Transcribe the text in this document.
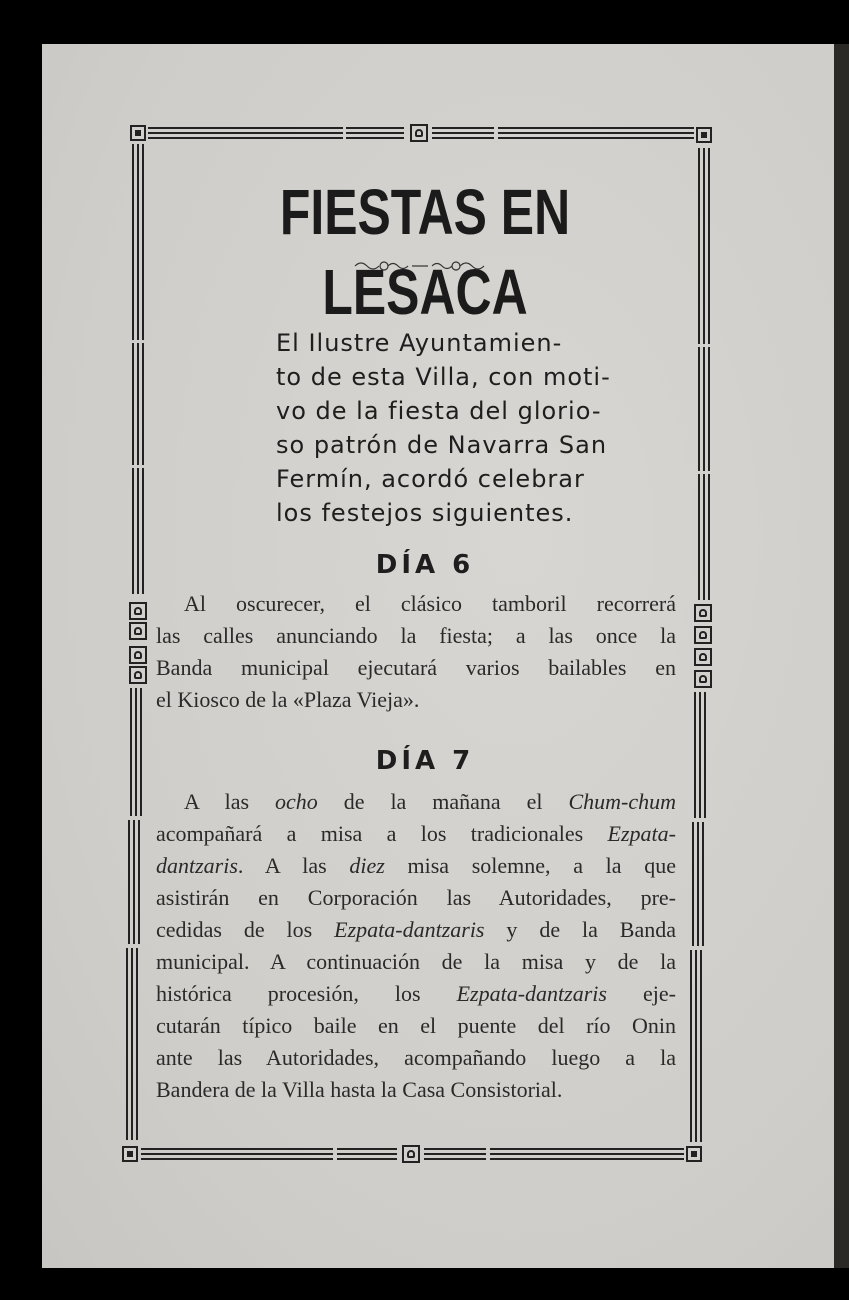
FIESTAS EN LESACA
El Ilustre Ayuntamien-
to de esta Villa, con moti-
vo de la fiesta del glorio-
so patrón de Navarra San
Fermín, acordó celebrar
los festejos siguientes.
DÍA 6
Al oscurecer, el clásico tamboril recorrerá
las calles anunciando la fiesta; a las once la
Banda municipal ejecutará varios bailables en
el Kiosco de la «Plaza Vieja».
DÍA 7
A las ocho de la mañana el Chum-chum
acompañará a misa a los tradicionales Ezpata-
dantzaris. A las diez misa solemne, a la que
asistirán en Corporación las Autoridades, pre-
cedidas de los Ezpata-dantzaris y de la Banda
municipal. A continuación de la misa y de la
histórica procesión, los Ezpata-dantzaris eje-
cutarán típico baile en el puente del río Onin
ante las Autoridades, acompañando luego a la
Bandera de la Villa hasta la Casa Consistorial.
